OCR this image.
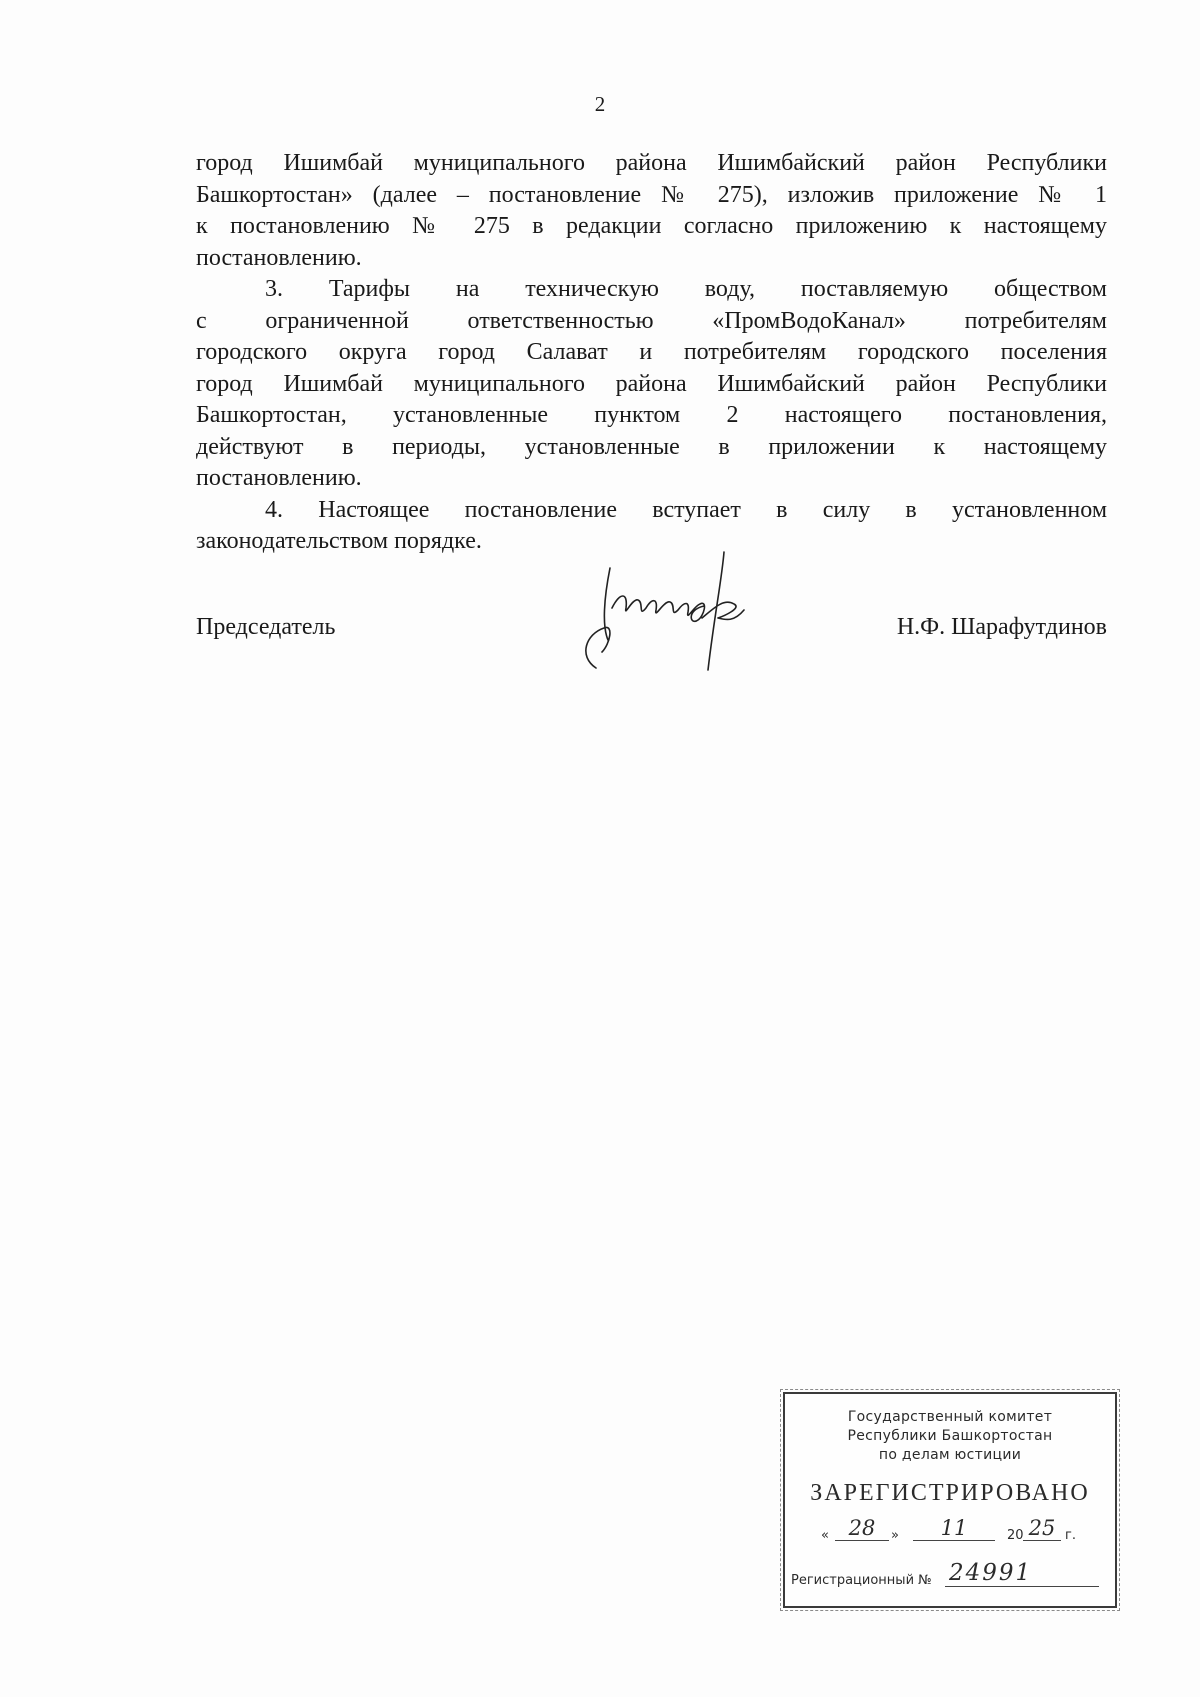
2

город Ишимбай муниципального района Ишимбайский район Республики
Башкортостан» (далее – постановление № 275), изложив приложение № 1
к постановлению № 275 в редакции согласно приложению к настоящему
постановлению.

3. Тарифы на техническую воду, поставляемую обществом
с ограниченной ответственностью «ПромВодоКанал» потребителям
городского округа город Салават и потребителям городского поселения
город Ишимбай муниципального района Ишимбайский район Республики
Башкортостан, установленные пунктом 2 настоящего постановления,
действуют в периоды, установленные в приложении к настоящему
постановлению.

4. Настоящее постановление вступает в силу в установленном
законодательством порядке.

Председатель	Н.Ф. Шарафутдинов
Государственный комитет
Республики Башкортостан
по делам юстиции
ЗАРЕГИСТРИРОВАНО
« 28	»	11	20 25 г.
Регистрационный № 24991
